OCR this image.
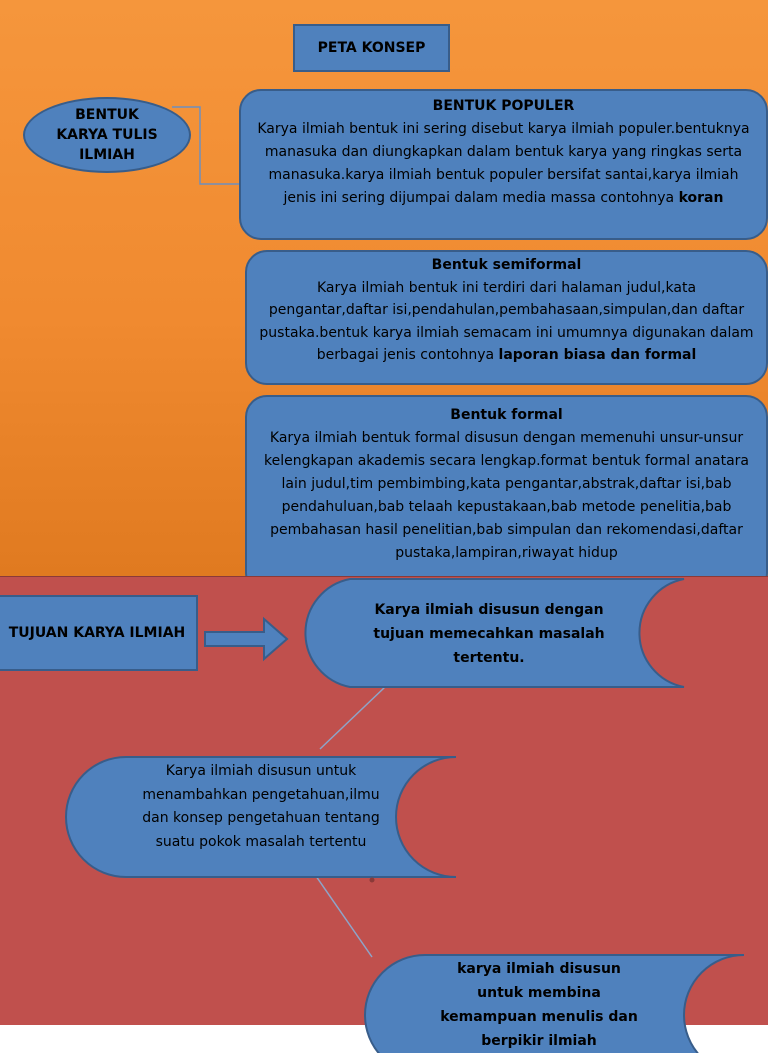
PETA KONSEP
BENTUK KARYA TULIS ILMIAH
BENTUK POPULER
Karya ilmiah bentuk ini sering disebut karya ilmiah populer.bentuknya manasuka dan diungkapkan dalam bentuk karya yang ringkas serta manasuka.karya ilmiah bentuk populer bersifat santai,karya ilmiah jenis ini sering dijumpai dalam media massa contohnya koran
Bentuk semiformal
Karya ilmiah bentuk ini terdiri dari halaman judul,kata pengantar,daftar isi,pendahulan,pembahasaan,simpulan,dan daftar pustaka.bentuk karya ilmiah semacam ini umumnya digunakan dalam berbagai jenis contohnya laporan biasa dan formal
Bentuk formal
Karya ilmiah bentuk formal disusun dengan memenuhi unsur-unsur kelengkapan akademis secara lengkap.format bentuk formal anatara lain judul,tim pembimbing,kata pengantar,abstrak,daftar isi,bab pendahuluan,bab telaah kepustakaan,bab metode penelitia,bab pembahasan hasil penelitian,bab simpulan dan rekomendasi,daftar pustaka,lampiran,riwayat hidup
TUJUAN KARYA ILMIAH
Karya ilmiah disusun dengan tujuan memecahkan masalah tertentu.
Karya ilmiah disusun untuk menambahkan pengetahuan,ilmu dan konsep pengetahuan tentang suatu pokok masalah tertentu
karya ilmiah disusun untuk membina kemampuan menulis dan berpikir ilmiah
